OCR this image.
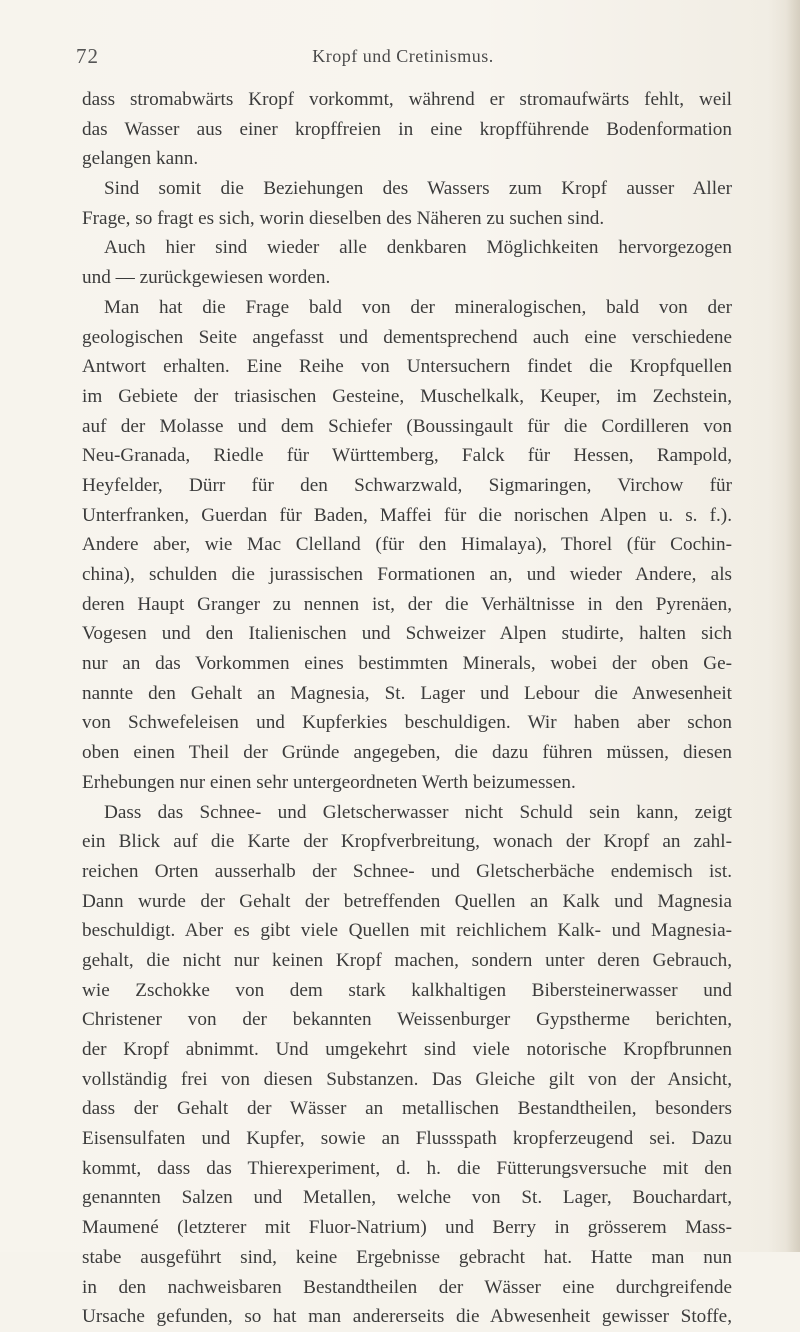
72	Kropf und Cretinismus.
dass stromabwärts Kropf vorkommt, während er stromaufwärts fehlt, weil
das Wasser aus einer kropffreien in eine kropfführende Bodenformation
gelangen kann.
Sind somit die Beziehungen des Wassers zum Kropf ausser Aller
Frage, so fragt es sich, worin dieselben des Näheren zu suchen sind.
Auch hier sind wieder alle denkbaren Möglichkeiten hervorgezogen
und — zurückgewiesen worden.
Man hat die Frage bald von der mineralogischen, bald von der
geologischen Seite angefasst und dementsprechend auch eine verschiedene
Antwort erhalten. Eine Reihe von Untersuchern findet die Kropfquellen
im Gebiete der triasischen Gesteine, Muschelkalk, Keuper, im Zechstein,
auf der Molasse und dem Schiefer (Boussingault für die Cordilleren von
Neu-Granada, Riedle für Württemberg, Falck für Hessen, Rampold,
Heyfelder, Dürr für den Schwarzwald, Sigmaringen, Virchow für
Unterfranken, Guerdan für Baden, Maffei für die norischen Alpen u. s. f.).
Andere aber, wie Mac Clelland (für den Himalaya), Thorel (für Cochin-
china), schulden die jurassischen Formationen an, und wieder Andere, als
deren Haupt Granger zu nennen ist, der die Verhältnisse in den Pyrenäen,
Vogesen und den Italienischen und Schweizer Alpen studirte, halten sich
nur an das Vorkommen eines bestimmten Minerals, wobei der oben Ge-
nannte den Gehalt an Magnesia, St. Lager und Lebour die Anwesenheit
von Schwefeleisen und Kupferkies beschuldigen. Wir haben aber schon
oben einen Theil der Gründe angegeben, die dazu führen müssen, diesen
Erhebungen nur einen sehr untergeordneten Werth beizumessen.
Dass das Schnee- und Gletscherwasser nicht Schuld sein kann, zeigt
ein Blick auf die Karte der Kropfverbreitung, wonach der Kropf an zahl-
reichen Orten ausserhalb der Schnee- und Gletscherbäche endemisch ist.
Dann wurde der Gehalt der betreffenden Quellen an Kalk und Magnesia
beschuldigt. Aber es gibt viele Quellen mit reichlichem Kalk- und Magnesia-
gehalt, die nicht nur keinen Kropf machen, sondern unter deren Gebrauch,
wie Zschokke von dem stark kalkhaltigen Bibersteinerwasser und
Christener von der bekannten Weissenburger Gypstherme berichten,
der Kropf abnimmt. Und umgekehrt sind viele notorische Kropfbrunnen
vollständig frei von diesen Substanzen. Das Gleiche gilt von der Ansicht,
dass der Gehalt der Wässer an metallischen Bestandtheilen, besonders
Eisensulfaten und Kupfer, sowie an Flussspath kropferzeugend sei. Dazu
kommt, dass das Thierexperiment, d. h. die Fütterungsversuche mit den
genannten Salzen und Metallen, welche von St. Lager, Bouchardart,
Maumené (letzterer mit Fluor-Natrium) und Berry in grösserem Mass-
stabe ausgeführt sind, keine Ergebnisse gebracht hat. Hatte man nun
in den nachweisbaren Bestandtheilen der Wässer eine durchgreifende
Ursache gefunden, so hat man andererseits die Abwesenheit gewisser Stoffe,
